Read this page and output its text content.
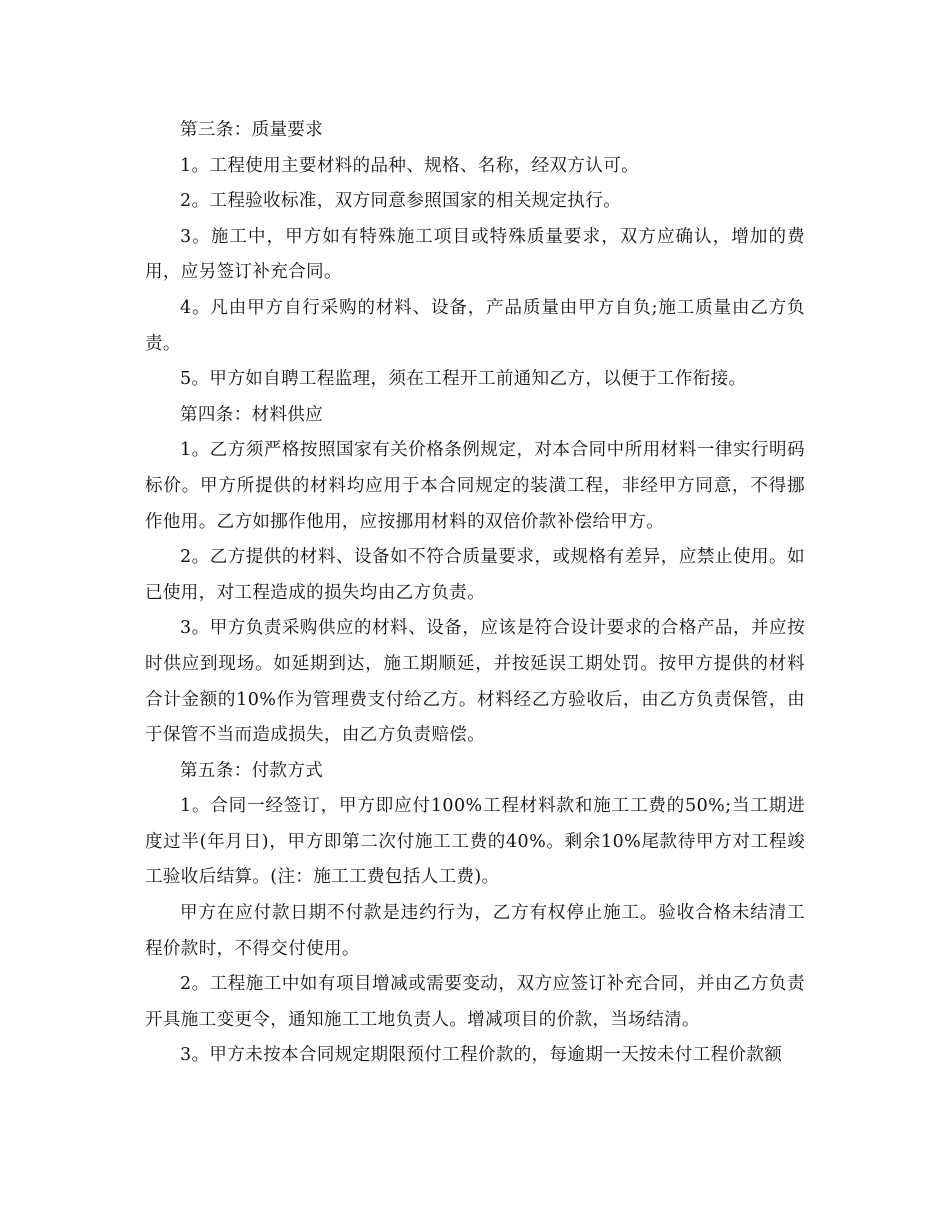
第三条：质量要求

1。工程使用主要材料的品种、规格、名称，经双方认可。

2。工程验收标准，双方同意参照国家的相关规定执行。

3。施工中，甲方如有特殊施工项目或特殊质量要求，双方应确认，增加的费用，应另签订补充合同。

4。凡由甲方自行采购的材料、设备，产品质量由甲方自负;施工质量由乙方负责。

5。甲方如自聘工程监理，须在工程开工前通知乙方，以便于工作衔接。

第四条：材料供应

1。乙方须严格按照国家有关价格条例规定，对本合同中所用材料一律实行明码标价。甲方所提供的材料均应用于本合同规定的装潢工程，非经甲方同意，不得挪作他用。乙方如挪作他用，应按挪用材料的双倍价款补偿给甲方。

2。乙方提供的材料、设备如不符合质量要求，或规格有差异，应禁止使用。如已使用，对工程造成的损失均由乙方负责。

3。甲方负责采购供应的材料、设备，应该是符合设计要求的合格产品，并应按时供应到现场。如延期到达，施工期顺延，并按延误工期处罚。按甲方提供的材料合计金额的10%作为管理费支付给乙方。材料经乙方验收后，由乙方负责保管，由于保管不当而造成损失，由乙方负责赔偿。

第五条：付款方式

1。合同一经签订，甲方即应付100%工程材料款和施工工费的50%;当工期进度过半(年月日)，甲方即第二次付施工工费的40%。剩余10%尾款待甲方对工程竣工验收后结算。(注：施工工费包括人工费)。

甲方在应付款日期不付款是违约行为，乙方有权停止施工。验收合格未结清工程价款时，不得交付使用。

2。工程施工中如有项目增减或需要变动，双方应签订补充合同，并由乙方负责开具施工变更令，通知施工工地负责人。增减项目的价款，当场结清。

3。甲方未按本合同规定期限预付工程价款的，每逾期一天按未付工程价款额
